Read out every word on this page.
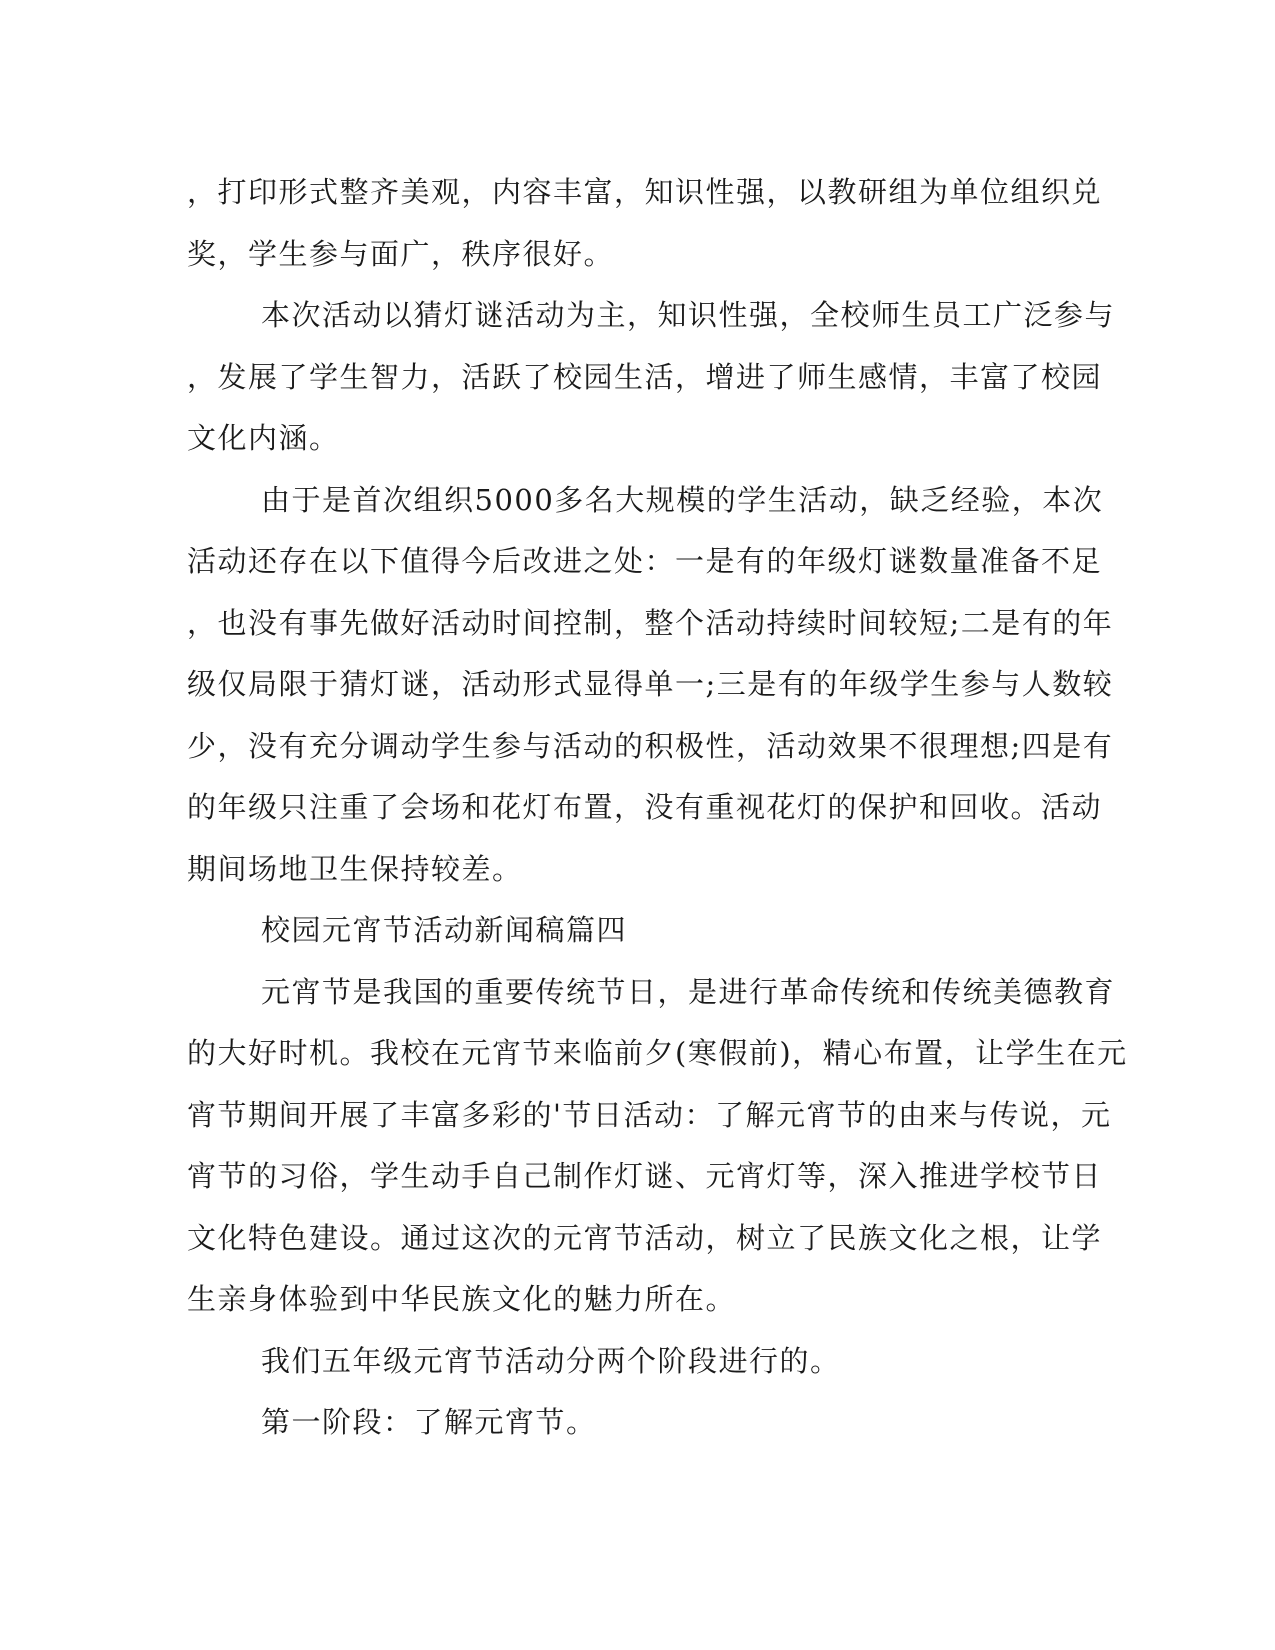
，打印形式整齐美观，内容丰富，知识性强，以教研组为单位组织兑
奖，学生参与面广，秩序很好。
本次活动以猜灯谜活动为主，知识性强，全校师生员工广泛参与
，发展了学生智力，活跃了校园生活，增进了师生感情，丰富了校园
文化内涵。
由于是首次组织5000多名大规模的学生活动，缺乏经验，本次
活动还存在以下值得今后改进之处：一是有的年级灯谜数量准备不足
，也没有事先做好活动时间控制，整个活动持续时间较短;二是有的年
级仅局限于猜灯谜，活动形式显得单一;三是有的年级学生参与人数较
少，没有充分调动学生参与活动的积极性，活动效果不很理想;四是有
的年级只注重了会场和花灯布置，没有重视花灯的保护和回收。活动
期间场地卫生保持较差。
校园元宵节活动新闻稿篇四
元宵节是我国的重要传统节日，是进行革命传统和传统美德教育
的大好时机。我校在元宵节来临前夕(寒假前)，精心布置，让学生在元
宵节期间开展了丰富多彩的'节日活动：了解元宵节的由来与传说，元
宵节的习俗，学生动手自己制作灯谜、元宵灯等，深入推进学校节日
文化特色建设。通过这次的元宵节活动，树立了民族文化之根，让学
生亲身体验到中华民族文化的魅力所在。
我们五年级元宵节活动分两个阶段进行的。
第一阶段：了解元宵节。
